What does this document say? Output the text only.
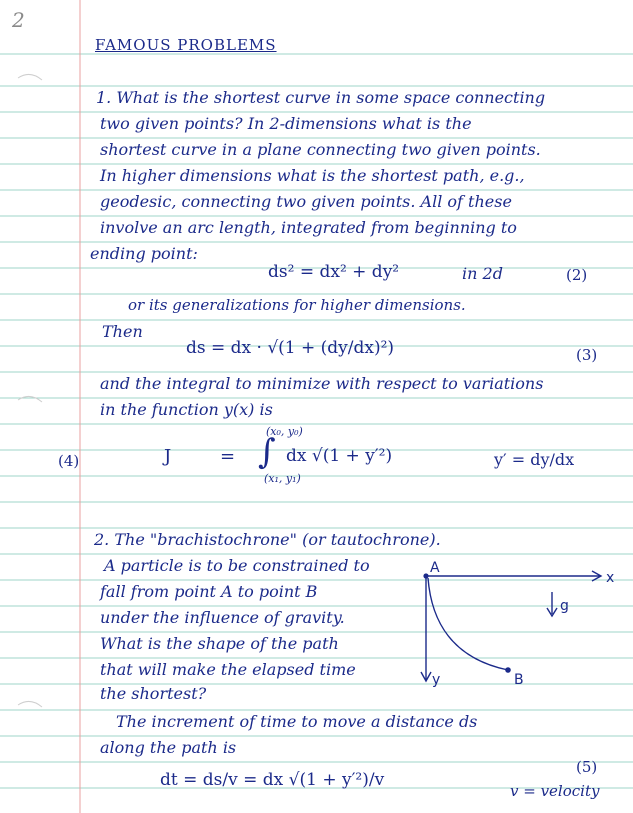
2
FAMOUS PROBLEMS
1. What is the shortest curve in some space connecting
two given points? In 2-dimensions what is the
shortest curve in a plane connecting two given points.
In higher dimensions what is the shortest path, e.g.,
geodesic, connecting two given points. All of these
involve an arc length, integrated from beginning to
ending point:
ds² = dx² + dy²	in 2d	(2)
or its generalizations for higher dimensions.
Then
ds = dx · √(1 + (dy/dx)²)	(3)
and the integral to minimize with respect to variations
in the function y(x) is
(4)	J	=
(x₀, y₀)
∫
(x₁, y₁)
dx √(1 + y′²)	y′ = dy/dx
2. The "brachistochrone" (or tautochrone).
A particle is to be constrained to
fall from point A to point B
under the influence of gravity.
What is the shape of the path
that will make the elapsed time
the shortest?
The increment of time to move a distance ds
along the path is
dt = ds/v = dx √(1 + y′²)/v
(5)
v = velocity
A
x
g
y	B
